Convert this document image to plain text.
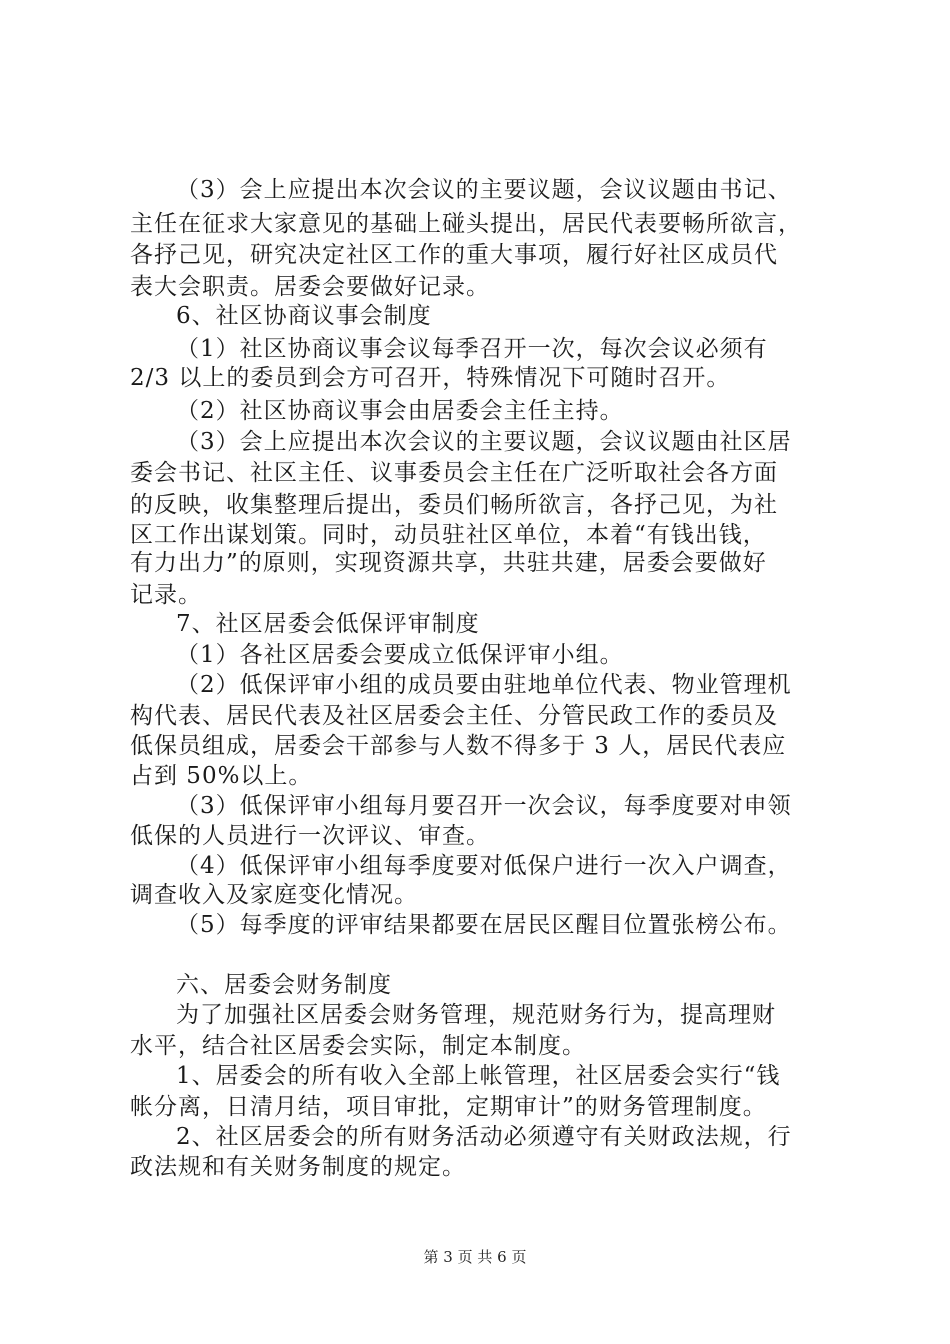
（3）会上应提出本次会议的主要议题，会议议题由书记、
主任在征求大家意见的基础上碰头提出，居民代表要畅所欲言，
各抒己见，研究决定社区工作的重大事项，履行好社区成员代
表大会职责。居委会要做好记录。
6、社区协商议事会制度
（1）社区协商议事会议每季召开一次，每次会议必须有
2/3 以上的委员到会方可召开，特殊情况下可随时召开。
（2）社区协商议事会由居委会主任主持。
（3）会上应提出本次会议的主要议题，会议议题由社区居
委会书记、社区主任、议事委员会主任在广泛听取社会各方面
的反映，收集整理后提出，委员们畅所欲言，各抒己见，为社
区工作出谋划策。同时，动员驻社区单位，本着“有钱出钱，
有力出力”的原则，实现资源共享，共驻共建，居委会要做好
记录。
7、社区居委会低保评审制度
（1）各社区居委会要成立低保评审小组。
（2）低保评审小组的成员要由驻地单位代表、物业管理机
构代表、居民代表及社区居委会主任、分管民政工作的委员及
低保员组成，居委会干部参与人数不得多于 3 人，居民代表应
占到 50%以上。
（3）低保评审小组每月要召开一次会议，每季度要对申领
低保的人员进行一次评议、审查。
（4）低保评审小组每季度要对低保户进行一次入户调查，
调查收入及家庭变化情况。
（5）每季度的评审结果都要在居民区醒目位置张榜公布。
六、居委会财务制度
为了加强社区居委会财务管理，规范财务行为，提高理财
水平，结合社区居委会实际，制定本制度。
1、居委会的所有收入全部上帐管理，社区居委会实行“钱
帐分离，日清月结，项目审批，定期审计”的财务管理制度。
2、社区居委会的所有财务活动必须遵守有关财政法规，行
政法规和有关财务制度的规定。
第 3 页 共 6 页
